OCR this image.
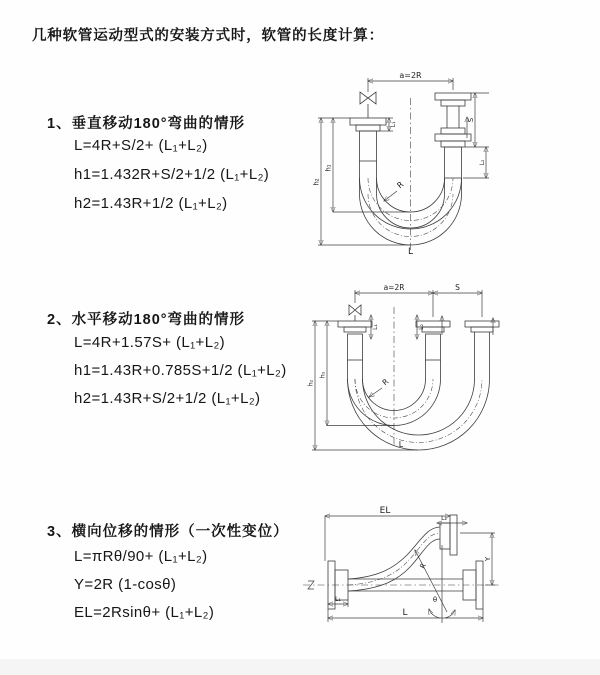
几种软管运动型式的安装方式时，软管的长度计算：
1、垂直移动180°弯曲的情形
L=4R+S/2+ (L₁+L₂)
h1=1.432R+S/2+1/2 (L₁+L₂)
h2=1.43R+1/2 (L₁+L₂)
2、水平移动180°弯曲的情形
L=4R+1.57S+ (L₁+L₂)
h1=1.43R+0.785S+1/2 (L₁+L₂)
h2=1.43R+S/2+1/2 (L₁+L₂)
3、横向位移的情形（一次性变位）
L=πRθ/90+ (L₁+L₂)
Y=2R (1-cosθ)
EL=2Rsinθ+ (L₁+L₂)
a=2R
h₂
h₁
L₁
S
L₂
R
L
a=2R	S
h₂
h₁
L₁	L₂
R
L
EL
L₂
Y
θ
R
L
L₁
